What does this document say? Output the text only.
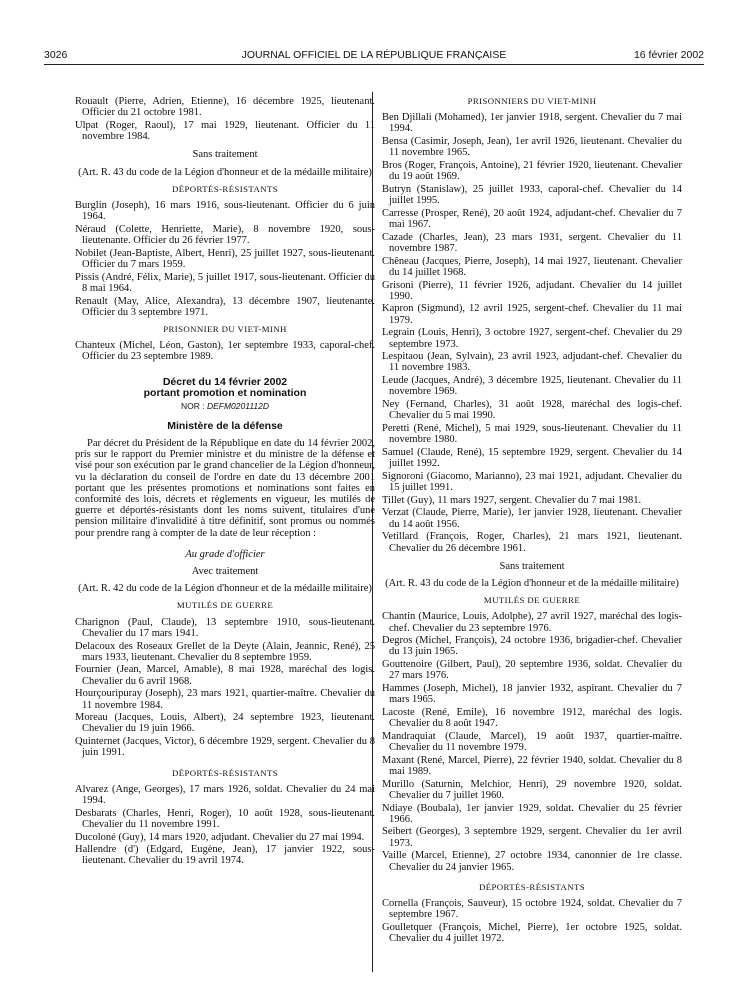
3026	JOURNAL OFFICIEL DE LA RÉPUBLIQUE FRANÇAISE	16 février 2002

Rouault (Pierre, Adrien, Etienne), 16 décembre 1925, lieutenant. Officier du 21 octobre 1981.

Ulpat (Roger, Raoul), 17 mai 1929, lieutenant. Officier du 11 novembre 1984.

Sans traitement

(Art. R. 43 du code de la Légion d'honneur et de la médaille militaire)

DÉPORTÉS-RÉSISTANTS

Burglin (Joseph), 16 mars 1916, sous-lieutenant. Officier du 6 juin 1964.

Néraud (Colette, Henriette, Marie), 8 novembre 1920, sous-lieutenante. Officier du 26 février 1977.

Nobilet (Jean-Baptiste, Albert, Henri), 25 juillet 1927, sous-lieutenant. Officier du 7 mars 1959.

Pissis (André, Félix, Marie), 5 juillet 1917, sous-lieutenant. Officier du 8 mai 1964.

Renault (May, Alice, Alexandra), 13 décembre 1907, lieutenante. Officier du 3 septembre 1971.

PRISONNIER DU VIET-MINH

Chanteux (Michel, Léon, Gaston), 1er septembre 1933, caporal-chef. Officier du 23 septembre 1989.

Décret du 14 février 2002
portant promotion et nomination

NOR : DEFM0201112D

Ministère de la défense

Par décret du Président de la République en date du 14 février 2002, pris sur le rapport du Premier ministre et du ministre de la défense et visé pour son exécution par le grand chancelier de la Légion d'honneur, vu la déclaration du conseil de l'ordre en date du 13 décembre 2001 portant que les présentes promotions et nominations sont faites en conformité des lois, décrets et règlements en vigueur, les mutilés de guerre et déportés-résistants dont les noms suivent, titulaires d'une pension militaire d'invalidité à titre définitif, sont promus ou nommés pour prendre rang à compter de la date de leur réception :

Au grade d'officier

Avec traitement

(Art. R. 42 du code de la Légion d'honneur et de la médaille militaire)

MUTILÉS DE GUERRE

Charignon (Paul, Claude), 13 septembre 1910, sous-lieutenant. Chevalier du 17 mars 1941.

Delacoux des Roseaux Grellet de la Deyte (Alain, Jeannic, René), 25 mars 1933, lieutenant. Chevalier du 8 septembre 1959.

Fournier (Jean, Marcel, Amable), 8 mai 1928, maréchal des logis. Chevalier du 6 avril 1968.

Hourçouripuray (Joseph), 23 mars 1921, quartier-maître. Chevalier du 11 novembre 1984.

Moreau (Jacques, Louis, Albert), 24 septembre 1923, lieutenant. Chevalier du 19 juin 1966.

Quinternet (Jacques, Victor), 6 décembre 1929, sergent. Chevalier du 8 juin 1991.

DÉPORTÉS-RÉSISTANTS

Alvarez (Ange, Georges), 17 mars 1926, soldat. Chevalier du 24 mai 1994.

Desbarats (Charles, Henri, Roger), 10 août 1928, sous-lieutenant. Chevalier du 11 novembre 1991.

Ducoloné (Guy), 14 mars 1920, adjudant. Chevalier du 27 mai 1994.

Hallendre (d') (Edgard, Eugène, Jean), 17 janvier 1922, sous-lieutenant. Chevalier du 19 avril 1974.

PRISONNIERS DU VIET-MINH

Ben Djillali (Mohamed), 1er janvier 1918, sergent. Chevalier du 7 mai 1994.

Bensa (Casimir, Joseph, Jean), 1er avril 1926, lieutenant. Chevalier du 11 novembre 1965.

Bros (Roger, François, Antoine), 21 février 1920, lieutenant. Chevalier du 19 août 1969.

Butryn (Stanislaw), 25 juillet 1933, caporal-chef. Chevalier du 14 juillet 1995.

Carresse (Prosper, René), 20 août 1924, adjudant-chef. Chevalier du 7 mai 1967.

Cazade (Charles, Jean), 23 mars 1931, sergent. Chevalier du 11 novembre 1987.

Chêneau (Jacques, Pierre, Joseph), 14 mai 1927, lieutenant. Chevalier du 14 juillet 1968.

Grisoni (Pierre), 11 février 1926, adjudant. Chevalier du 14 juillet 1990.

Kapron (Sigmund), 12 avril 1925, sergent-chef. Chevalier du 11 mai 1979.

Legrain (Louis, Henri), 3 octobre 1927, sergent-chef. Chevalier du 29 septembre 1973.

Lespitaou (Jean, Sylvain), 23 avril 1923, adjudant-chef. Chevalier du 11 novembre 1983.

Leude (Jacques, André), 3 décembre 1925, lieutenant. Chevalier du 11 novembre 1969.

Ney (Fernand, Charles), 31 août 1928, maréchal des logis-chef. Chevalier du 5 mai 1990.

Peretti (René, Michel), 5 mai 1929, sous-lieutenant. Chevalier du 11 novembre 1980.

Samuel (Claude, René), 15 septembre 1929, sergent. Chevalier du 14 juillet 1992.

Signoroni (Giacomo, Marianno), 23 mai 1921, adjudant. Chevalier du 15 juillet 1991.

Tillet (Guy), 11 mars 1927, sergent. Chevalier du 7 mai 1981.

Verzat (Claude, Pierre, Marie), 1er janvier 1928, lieutenant. Chevalier du 14 août 1956.

Vetillard (François, Roger, Charles), 21 mars 1921, lieutenant. Chevalier du 26 décembre 1961.

Sans traitement

(Art. R. 43 du code de la Légion d'honneur et de la médaille militaire)

MUTILÉS DE GUERRE

Chantin (Maurice, Louis, Adolphe), 27 avril 1927, maréchal des logis-chef. Chevalier du 23 septembre 1976.

Degros (Michel, François), 24 octobre 1936, brigadier-chef. Chevalier du 13 juin 1965.

Gouttenoire (Gilbert, Paul), 20 septembre 1936, soldat. Chevalier du 27 mars 1976.

Hammes (Joseph, Michel), 18 janvier 1932, aspirant. Chevalier du 7 mars 1965.

Lacoste (René, Emile), 16 novembre 1912, maréchal des logis. Chevalier du 8 août 1947.

Mandraquiat (Claude, Marcel), 19 août 1937, quartier-maître. Chevalier du 11 novembre 1979.

Maxant (René, Marcel, Pierre), 22 février 1940, soldat. Chevalier du 8 mai 1989.

Murillo (Saturnin, Melchior, Henri), 29 novembre 1920, soldat. Chevalier du 7 juillet 1960.

Ndiaye (Boubala), 1er janvier 1929, soldat. Chevalier du 25 février 1966.

Seibert (Georges), 3 septembre 1929, sergent. Chevalier du 1er avril 1973.

Vaille (Marcel, Etienne), 27 octobre 1934, canonnier de 1re classe. Chevalier du 24 janvier 1965.

DÉPORTÉS-RÉSISTANTS

Cornella (François, Sauveur), 15 octobre 1924, soldat. Chevalier du 7 septembre 1967.

Goulletquer (François, Michel, Pierre), 1er octobre 1925, soldat. Chevalier du 4 juillet 1972.
